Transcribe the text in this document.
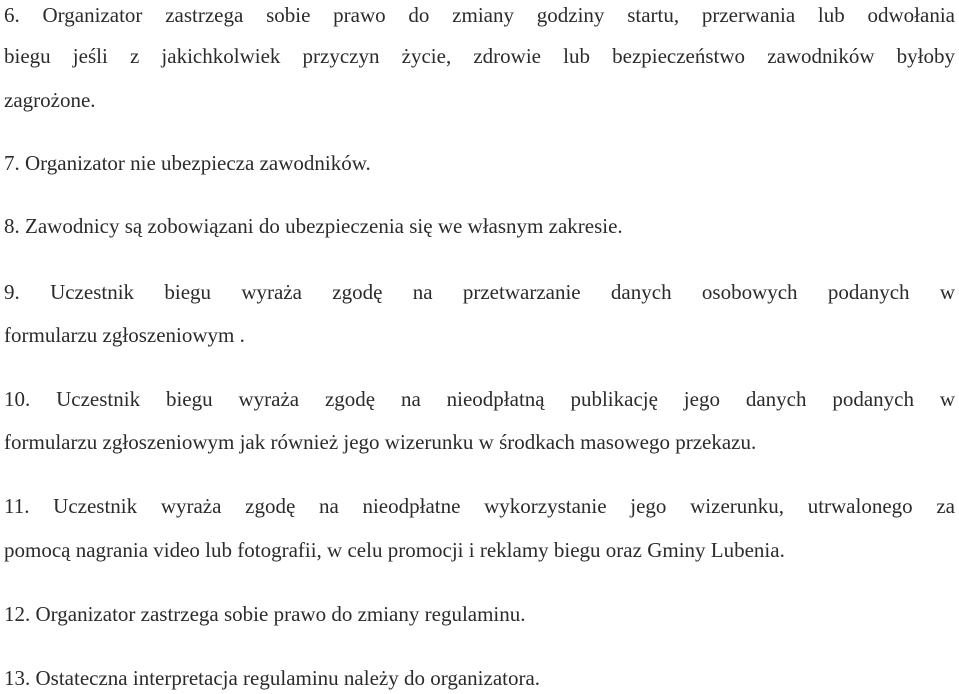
6. Organizator zastrzega sobie prawo do zmiany godziny startu, przerwania lub odwołania
biegu jeśli z jakichkolwiek przyczyn życie, zdrowie lub bezpieczeństwo zawodników byłoby
zagrożone.
7. Organizator nie ubezpiecza zawodników.
8. Zawodnicy są zobowiązani do ubezpieczenia się we własnym zakresie.
9. Uczestnik biegu wyraża zgodę na przetwarzanie danych osobowych podanych w
formularzu zgłoszeniowym .
10. Uczestnik biegu wyraża zgodę na nieodpłatną publikację jego danych podanych w
formularzu zgłoszeniowym jak również jego wizerunku w środkach masowego przekazu.
11. Uczestnik wyraża zgodę na nieodpłatne wykorzystanie jego wizerunku, utrwalonego za
pomocą nagrania video lub fotografii, w celu promocji i reklamy biegu oraz Gminy Lubenia.
12. Organizator zastrzega sobie prawo do zmiany regulaminu.
13. Ostateczna interpretacja regulaminu należy do organizatora.
